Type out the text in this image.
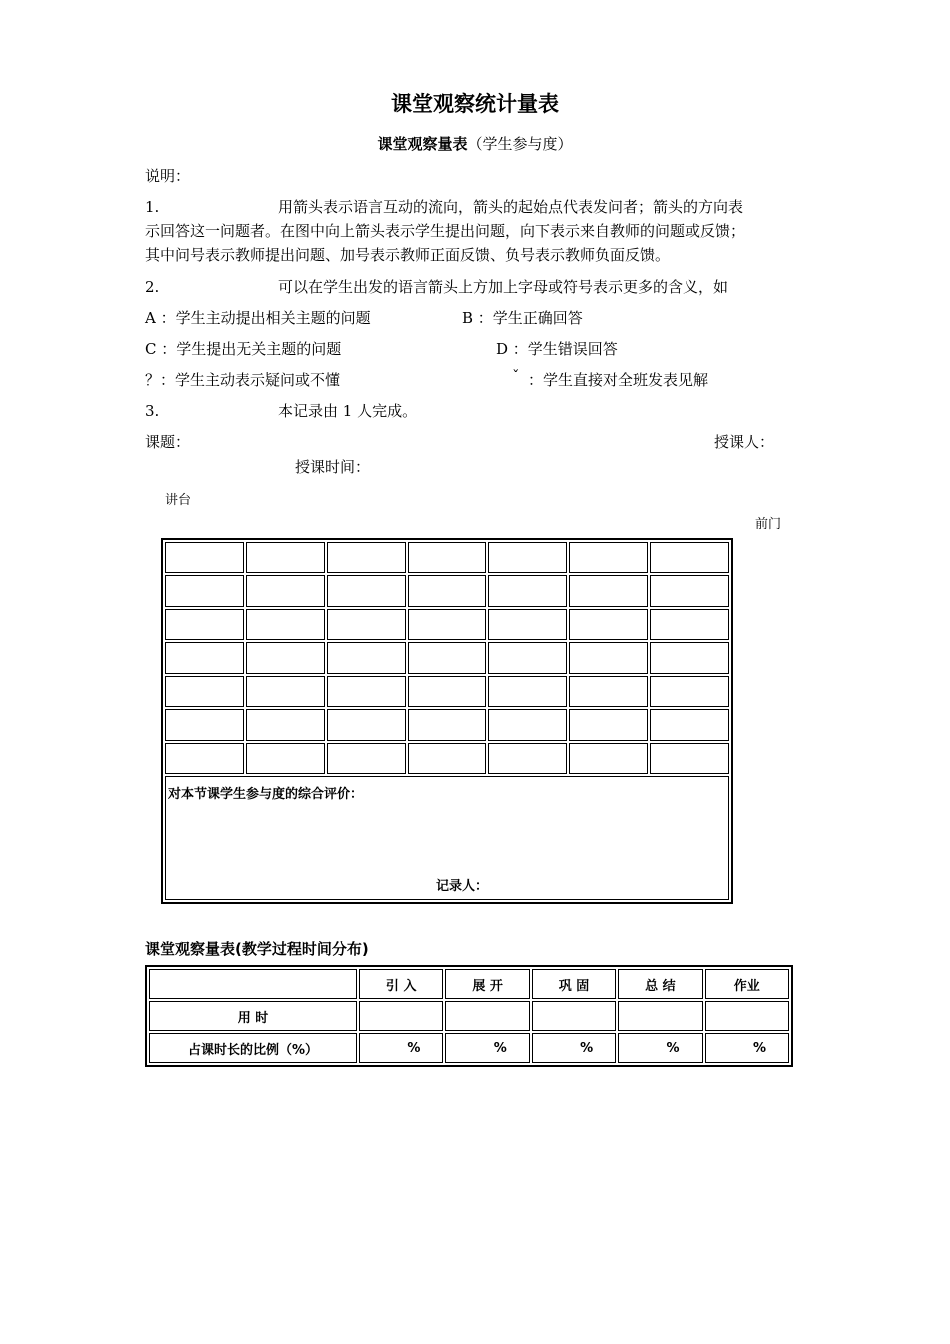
课堂观察统计量表
课堂观察量表（学生参与度）
说明：
1.	用箭头表示语言互动的流向，箭头的起始点代表发问者；箭头的方向表
示回答这一问题者。在图中向上箭头表示学生提出问题，向下表示来自教师的问题或反馈；
其中问号表示教师提出问题、加号表示教师正面反馈、负号表示教师负面反馈。
2.	可以在学生出发的语言箭头上方加上字母或符号表示更多的含义，如
A ：学生主动提出相关主题的问题	B ：学生正确回答
C ：学生提出无关主题的问题	D ：学生错误回答
？：学生主动表示疑问或不懂	ˇ ：学生直接对全班发表见解
3.	本记录由 1 人完成。
课题：	授课人：
授课时间：
讲台
前门

对本节课学生参与度的综合评价：
记录人：						
课堂观察量表(教学过程时间分布)
	引 入	展 开	巩 固	总 结	作业
用 时					
占课时长的比例（%）	%	%	%	%	%
